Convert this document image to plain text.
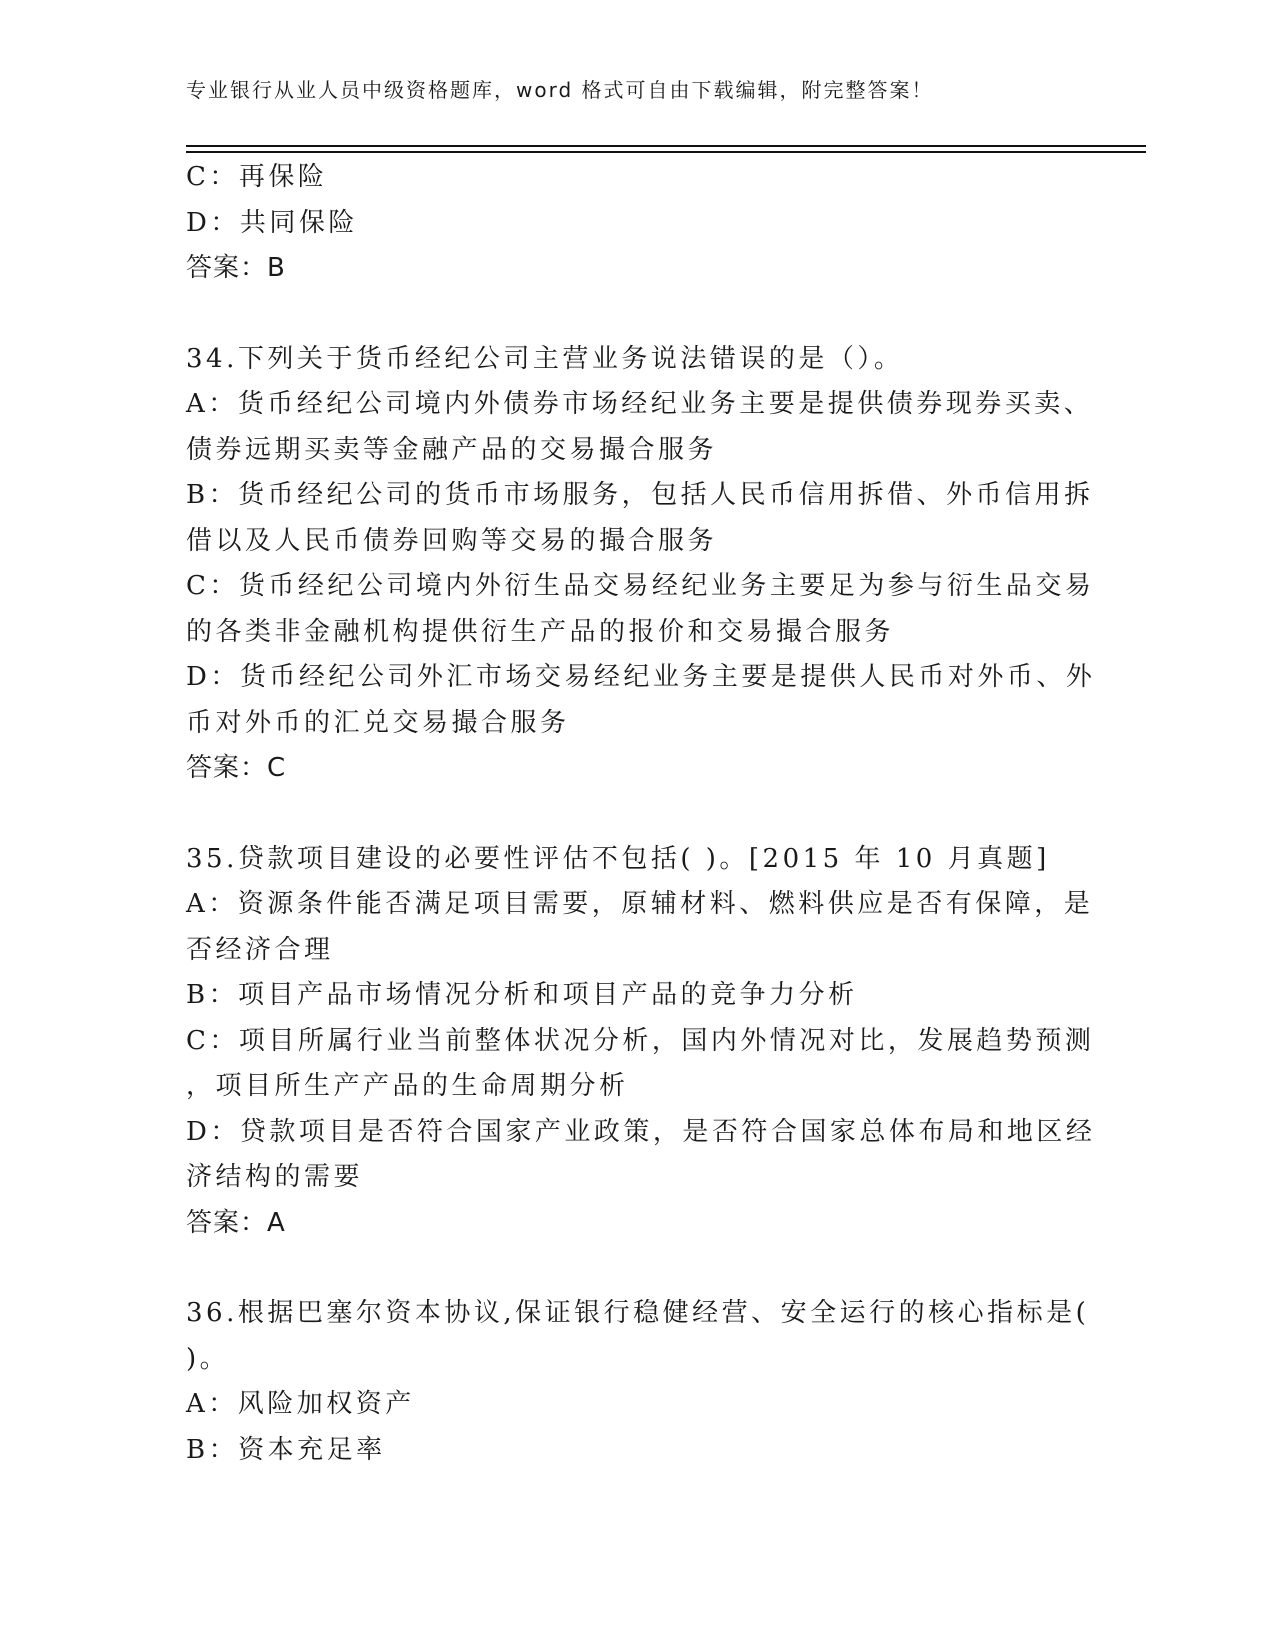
专业银行从业人员中级资格题库，word 格式可自由下载编辑，附完整答案！
C：再保险
D：共同保险
答案：B
34.下列关于货币经纪公司主营业务说法错误的是（）。
A：货币经纪公司境内外债券市场经纪业务主要是提供债券现券买卖、
债券远期买卖等金融产品的交易撮合服务
B：货币经纪公司的货币市场服务，包括人民币信用拆借、外币信用拆
借以及人民币债券回购等交易的撮合服务
C：货币经纪公司境内外衍生品交易经纪业务主要足为参与衍生品交易
的各类非金融机构提供衍生产品的报价和交易撮合服务
D：货币经纪公司外汇市场交易经纪业务主要是提供人民币对外币、外
币对外币的汇兑交易撮合服务
答案：C
35.贷款项目建设的必要性评估不包括( )。[2015 年 10 月真题]
A：资源条件能否满足项目需要，原辅材料、燃料供应是否有保障，是
否经济合理
B：项目产品市场情况分析和项目产品的竞争力分析
C：项目所属行业当前整体状况分析，国内外情况对比，发展趋势预测
，项目所生产产品的生命周期分析
D：贷款项目是否符合国家产业政策，是否符合国家总体布局和地区经
济结构的需要
答案：A
36.根据巴塞尔资本协议,保证银行稳健经营、安全运行的核心指标是(
)。
A：风险加权资产
B：资本充足率
